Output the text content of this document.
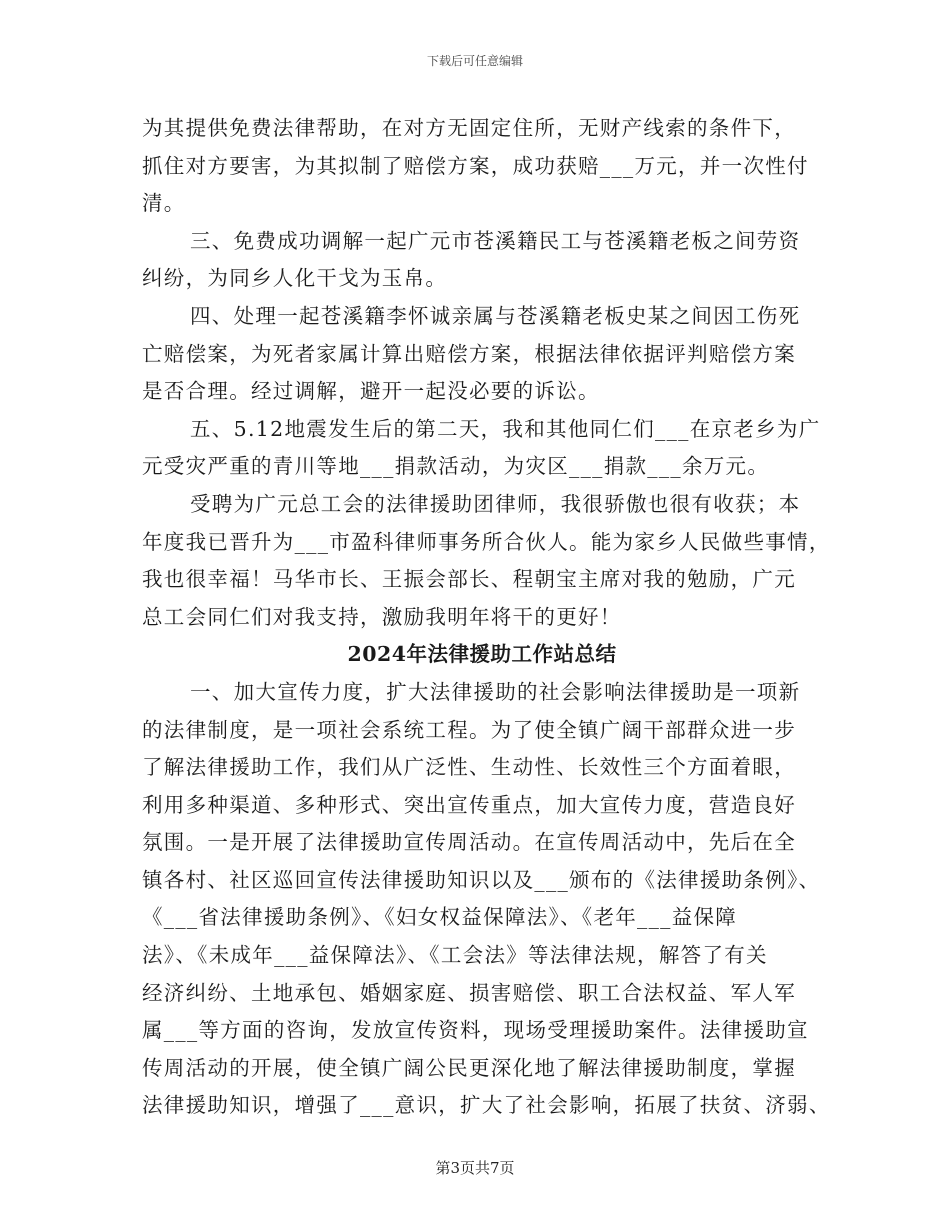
下载后可任意编辑
为其提供免费法律帮助，在对方无固定住所，无财产线索的条件下，
抓住对方要害，为其拟制了赔偿方案，成功获赔___万元，并一次性付
清。
三、免费成功调解一起广元市苍溪籍民工与苍溪籍老板之间劳资
纠纷，为同乡人化干戈为玉帛。
四、处理一起苍溪籍李怀诚亲属与苍溪籍老板史某之间因工伤死
亡赔偿案，为死者家属计算出赔偿方案，根据法律依据评判赔偿方案
是否合理。经过调解，避开一起没必要的诉讼。
五、5.12地震发生后的第二天，我和其他同仁们___在京老乡为广
元受灾严重的青川等地___捐款活动，为灾区___捐款___余万元。
受聘为广元总工会的法律援助团律师，我很骄傲也很有收获；本
年度我已晋升为___市盈科律师事务所合伙人。能为家乡人民做些事情，
我也很幸福！马华市长、王振会部长、程朝宝主席对我的勉励，广元
总工会同仁们对我支持，激励我明年将干的更好！
2024年法律援助工作站总结
一、加大宣传力度，扩大法律援助的社会影响法律援助是一项新
的法律制度，是一项社会系统工程。为了使全镇广阔干部群众进一步
了解法律援助工作，我们从广泛性、生动性、长效性三个方面着眼，
利用多种渠道、多种形式、突出宣传重点，加大宣传力度，营造良好
氛围。一是开展了法律援助宣传周活动。在宣传周活动中，先后在全
镇各村、社区巡回宣传法律援助知识以及___颁布的《法律援助条例》、
《___省法律援助条例》、《妇女权益保障法》、《老年___益保障
法》、《未成年___益保障法》、《工会法》等法律法规，解答了有关
经济纠纷、土地承包、婚姻家庭、损害赔偿、职工合法权益、军人军
属___等方面的咨询，发放宣传资料，现场受理援助案件。法律援助宣
传周活动的开展，使全镇广阔公民更深化地了解法律援助制度，掌握
法律援助知识，增强了___意识，扩大了社会影响，拓展了扶贫、济弱、
第3页共7页
